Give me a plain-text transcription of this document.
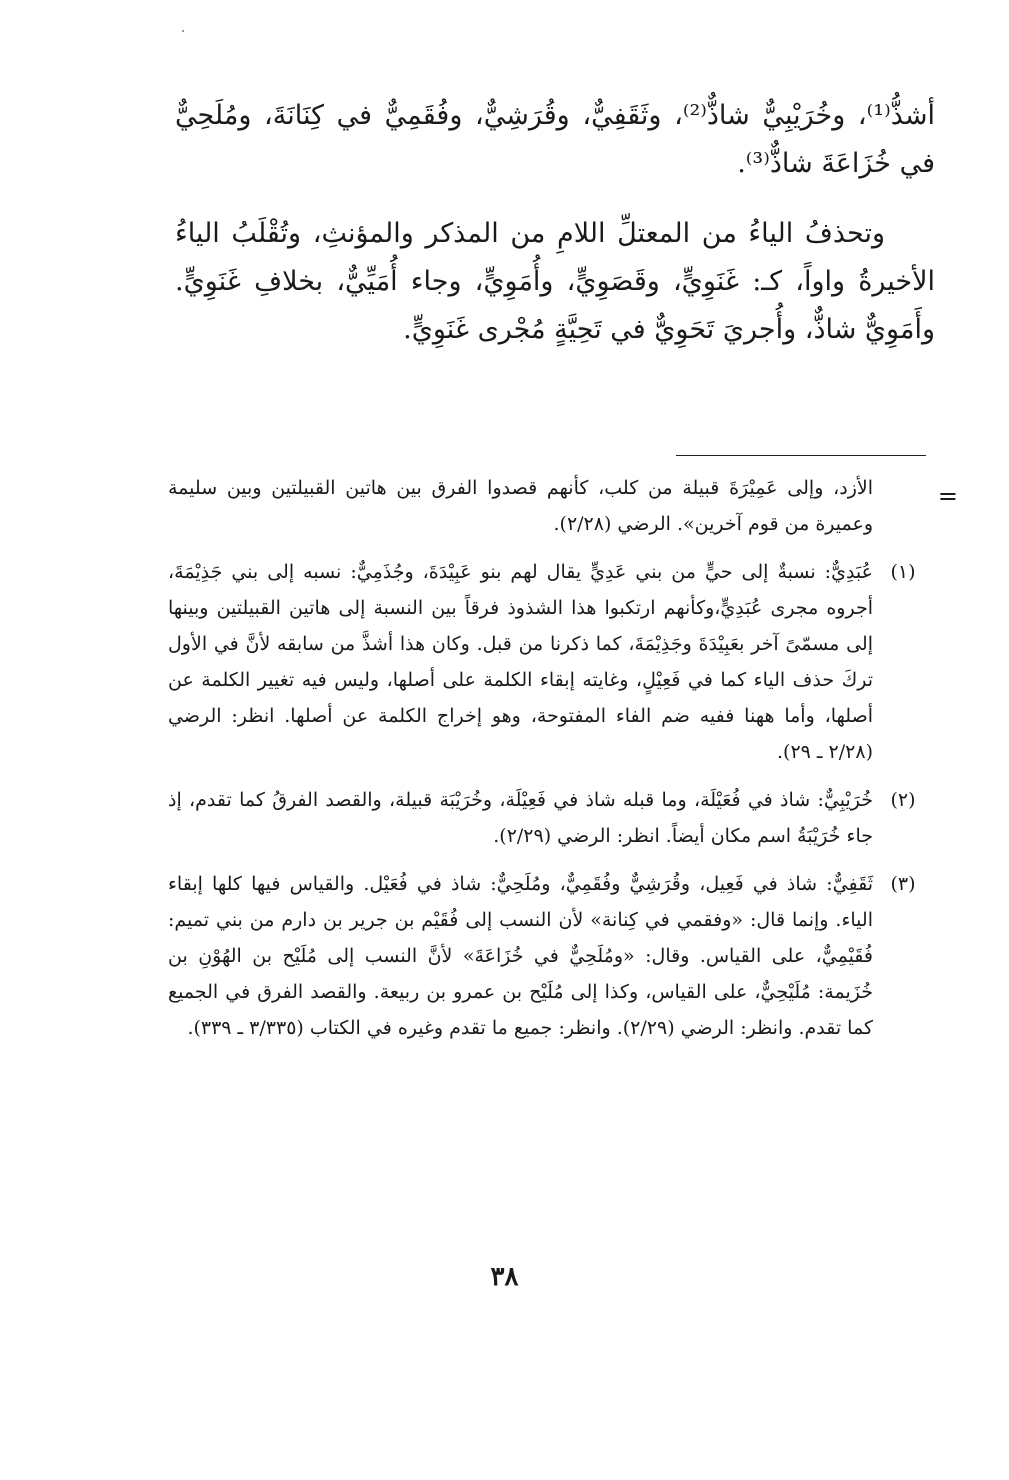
أشذُّ⁽¹⁾، وخُرَيْبِيٌّ شاذٌّ⁽²⁾، وثَقَفِيٌّ، وقُرَشِيٌّ، وفُقَمِيٌّ في كِنَانَةَ، ومُلَحِيٌّ في خُزَاعَةَ شاذٌّ⁽³⁾.

وتحذفُ الياءُ من المعتلِّ اللامِ من المذكر والمؤنثِ، وتُقْلَبُ الياءُ الأخيرةُ واواً، كـ: غَنَوِيٍّ، وقَصَوِيٍّ، وأُمَوِيٍّ، وجاء أُمَيِّيٌّ، بخلافِ غَنَوِيٍّ. وأَمَوِيٌّ شاذٌّ، وأُجريَ تَحَوِيٌّ في تَحِيَّةٍ مُجْرى غَنَوِيٍّ.

=
الأزد، وإلى عَمِيْرَةَ قبيلة من كلب، كأنهم قصدوا الفرق بين هاتين القبيلتين وبين سليمة وعميرة من قوم آخرين». الرضي (٢/٢٨).
(١)
عُبَدِيٌّ: نسبةٌ إلى حيٍّ من بني عَدِيٍّ يقال لهم بنو عَبِيْدَةَ، وجُذَمِيٌّ: نسبه إلى بني جَذِيْمَةَ، أجروه مجرى عُبَدِيٍّ،وكأنهم ارتكبوا هذا الشذوذ فرقاً بين النسبة إلى هاتين القبيلتين وبينها إلى مسمّىً آخر بعَبِيْدَةَ وجَذِيْمَةَ، كما ذكرنا من قبل. وكان هذا أشذَّ من سابقه لأنَّ في الأول تركَ حذف الياء كما في فَعِيْلٍ، وغايته إبقاء الكلمة على أصلها، وليس فيه تغيير الكلمة عن أصلها، وأما ههنا ففيه ضم الفاء المفتوحة، وهو إخراج الكلمة عن أصلها. انظر: الرضي (٢/٢٨ ـ ٢٩).
(٢)
خُرَيْبِيٌّ: شاذ في فُعَيْلَة، وما قبله شاذ في فَعِيْلَة، وخُرَيْبَة قبيلة، والقصد الفرقُ كما تقدم، إذ جاء خُرَيْبَةُ اسم مكان أيضاً. انظر: الرضي (٢/٢٩).
(٣)
ثَقَفِيٌّ: شاذ في فَعِيل، وقُرَشِيٌّ وفُقَمِيٌّ، ومُلَحِيٌّ: شاذ في فُعَيْل. والقياس فيها كلها إبقاء الياء. وإنما قال: «وفقمي في كِنانة» لأن النسب إلى فُقَيْم بن جرير بن دارم من بني تميم: فُقَيْمِيٌّ، على القياس. وقال: «ومُلَحِيٌّ في خُزَاعَةَ» لأنَّ النسب إلى مُلَيْح بن الهُوْنِ بن خُزَيمة: مُلَيْحِيٌّ، على القياس، وكذا إلى مُلَيْح بن عمرو بن ربيعة. والقصد الفرق في الجميع كما تقدم. وانظر: الرضي (٢/٢٩). وانظر: جميع ما تقدم وغيره في الكتاب (٣/٣٣٥ ـ ٣٣٩).
٣٨
